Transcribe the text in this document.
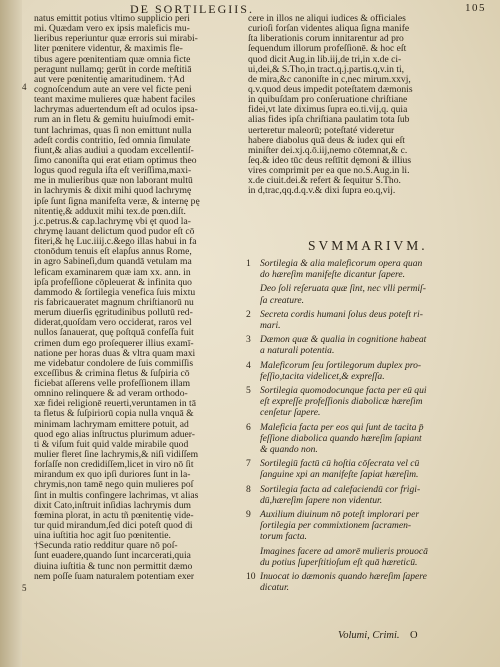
DE SORTILEGIIS.	105
4
5
natus emittit potius vltimo supplicio peri
mi. Quædam vero ex ipsis maleficis mu-
lieribus reperiuntur quæ erroris sui mirabi-
liter pœnitere videntur, & maximis fle-
tibus agere pœnitentiam quæ omnia ficte
peragunt nullamq; gerūt in corde meſtitiā
aut vere pœnitentię amaritudinem. †Ad
cognoſcendum aute an vere vel ficte peni
teant maxime mulieres quæ habent faciles
lachrymas aduertendum eſt ad oculos ipsa-
rum an in fletu & gemitu huiuſmodi emit-
tunt lachrimas, quas ſi non emittunt nulla
adeſt cordis contritio, ſed omnia ſimulate
fiunt,& alias audiui a quodam excellentiſ-
ſimo canoniſta qui erat etiam optimus theo
logus quod regula iſta eſt veriſſima,maxi-
me in mulieribus quæ non laborant multū
in lachrymis & dixit mihi quod lachrymę
ipſe ſunt ſigna manifeſta veræ, & internę pę
nitentię,& adduxit mihi tex.de pœn.diſt.
j.c.petrus.& cap.lachrymę vbi ęt quod la-
chrymę lauant delictum quod pudor eſt cō
fiteri,& hę Luc.iiij.c.&ego illas habui in fa
ctonōdum tenuis eſt elapſus annus Rome,
in agro Sabineſi,dum quandā vetulam ma
leficam examinarem quæ iam xx. ann. in
ipſa profeſſione cōpleuerat & infinita quo
dammodo & ſortilegia venefica ſuis mixtu
ris fabricaueratet magnum chriſtianorū nu
merum diuerſis ęgritudinibus pollutū red-
diderat,quoſdam vero occiderat, raros vel
nullos ſanauerat, quę poſtquā confeſſa fuit
crimen dum ego proſequerer illius examī-
natione per horas duas & vltra quam maxi
me videbatur condolere de ſuis commiſſis
exceſſibus & crimina fletus & ſuſpiria cō
ficiebat aſſerens velle profeſſionem illam
omnino relinquere & ad veram orthodo-
xæ fidei religionē reuerti,veruntamen in tā
ta fletus & ſuſpiriorū copia nulla vnquā &
minimam lachrymam emittere potuit, ad
quod ego alias inſtructus plurimum aduer-
ti & viſum fuit quid valde mirabile quod
mulier fleret ſine lachrymis,& niſi vidiſſem
forſaſſe non credidiſſem,licet in viro nō ſit
mirandum ex quo ipſi duriores ſunt in la-
chrymis,non tamē nego quin mulieres poſ
ſint in multis confingere lachrimas, vt alias
dixit Cato,inſtruit inſidias lachrymis dum
fœmina plorat, in actu tñ pœnitentię vide-
tur quid mirandum,ſed dici poteſt quod di
uina iuſtitia hoc agit ſuo pœnitentie.
†Secunda ratio redditur quare nō poſ-
ſunt euadere,quando ſunt incarcerati,quia
diuina iuſtitia & tunc non permittit dæmo
nem poſſe ſuam naturalem potentiam exer
cere in illos ne aliqui iudices & officiales
curioſi forſan videntes aliqua ſigna manife
ſta liberationis corum innitarentur ad pro
ſequendum illorum profeſſionē. & hoc eſt
quod dicit Aug.in lib.iij,de tri,in x.de ci-
ui,dei,& S.Tho,in tract.q.j.partis.q,v.in ti,
de mira,&c canoniſte in c,nec mirum.xxvj,
q.v.quod deus impedit poteſtatem dæmonis
in quibuſdam pro conſeruatione chriſtiane
fidei,vt late diximus ſupra eo.ti.vij,q. quia
alias fides ipſa chriſtiana paulatim tota ſub
uerteretur maleorū; poteſtaté videretur
habere diabolus quā deus & iudex qui eſt
miniſter dei.xj.q.ō.iij,nemo cōtemnat,& c.
ſeq.& ideo tūc deus reſtītit dęmoni & illius
vires comprimit per ea que no.S.Aug.in li.
x.de ciuit.dei.& refert & ſequitur S.Tho.
in d,trac,qq.d.q.v.& dixi ſupra eo.q,vij.
SVMMARIVM.
1 Sortilegia & alia maleficorum opera quan
do hæreſim manifeſte dicantur ſapere.
Deo ſoli reſeruata quæ ſint, nec vlli permiſ-
ſa creature.
2 Secreta cordis humani ſolus deus poteſt ri-
mari.
3 Dæmon quæ & qualia in cognitione habeat
a naturali potentia.
4 Maleficorum ſeu ſortilegorum duplex pro-
feſſio,tacita videlicet,& expreſſa.
5 Sortilegia quomodocunque facta per eū qui
eſt expreſſe profeſſionis diabolicæ hæreſim
cenſetur ſapere.
6 Maleficia facta per eos qui ſunt de tacita p̄
feſſione diabolica quando hæreſim ſapiant
& quando non.
7 Sortilegiū factū cū hoſtia cōſecrata vel cū
ſanguine xpi an manifeſte ſapiat hæreſim.
8 Sortilegia facta ad calefaciendū cor frigi-
dū,hæreſim ſapere non videntur.
9 Auxilium diuinum nō poteſt implorari per
ſortilegia per commixtionem ſacramen-
torum facta.
Imagines facere ad amorē mulieris prouocā
du potius ſuperſtitioſum eſt quā hæreticū.
10 Inuocat io dæmonis quando hæreſim ſapere
dicatur.
Volumi, Crimi. O
